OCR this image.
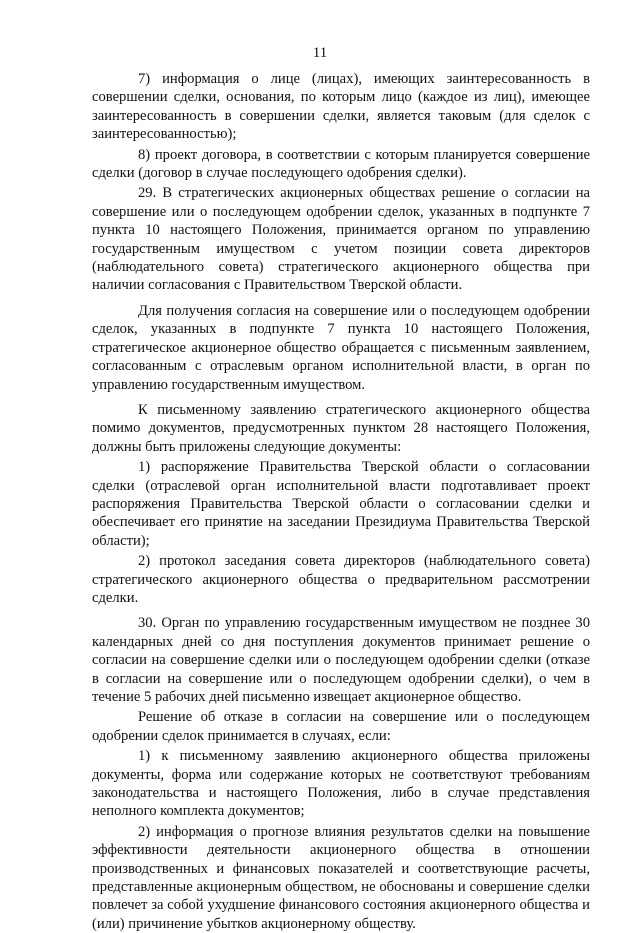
11

7) информация о лице (лицах), имеющих заинтересованность в совершении сделки, основания, по которым лицо (каждое из лиц), имеющее заинтересованность в совершении сделки, является таковым (для сделок с заинтересованностью);

8) проект договора, в соответствии с которым планируется совершение сделки (договор в случае последующего одобрения сделки).

29. В стратегических акционерных обществах решение о согласии на совершение или о последующем одобрении сделок, указанных в подпункте 7 пункта 10 настоящего Положения, принимается органом по управлению государственным имуществом с учетом позиции совета директоров (наблюдательного совета) стратегического акционерного общества при наличии согласования с Правительством Тверской области.

Для получения согласия на совершение или о последующем одобрении сделок, указанных в подпункте 7 пункта 10 настоящего Положения, стратегическое акционерное общество обращается с письменным заявлением, согласованным с отраслевым органом исполнительной власти, в орган по управлению государственным имуществом.

К письменному заявлению стратегического акционерного общества помимо документов, предусмотренных пунктом 28 настоящего Положения, должны быть приложены следующие документы:

1) распоряжение Правительства Тверской области о согласовании сделки (отраслевой орган исполнительной власти подготавливает проект распоряжения Правительства Тверской области о согласовании сделки и обеспечивает его принятие на заседании Президиума Правительства Тверской области);

2) протокол заседания совета директоров (наблюдательного совета) стратегического акционерного общества о предварительном рассмотрении сделки.

30. Орган по управлению государственным имуществом не позднее 30 календарных дней со дня поступления документов принимает решение о согласии на совершение сделки или о последующем одобрении сделки (отказе в согласии на совершение или о последующем одобрении сделки), о чем в течение 5 рабочих дней письменно извещает акционерное общество.

Решение об отказе в согласии на совершение или о последующем одобрении сделок принимается в случаях, если:

1) к письменному заявлению акционерного общества приложены документы, форма или содержание которых не соответствуют требованиям законодательства и настоящего Положения, либо в случае представления неполного комплекта документов;

2) информация о прогнозе влияния результатов сделки на повышение эффективности деятельности акционерного общества в отношении производственных и финансовых показателей и соответствующие расчеты, представленные акционерным обществом, не обоснованы и совершение сделки повлечет за собой ухудшение финансового состояния акционерного общества и (или) причинение убытков акционерному обществу.
